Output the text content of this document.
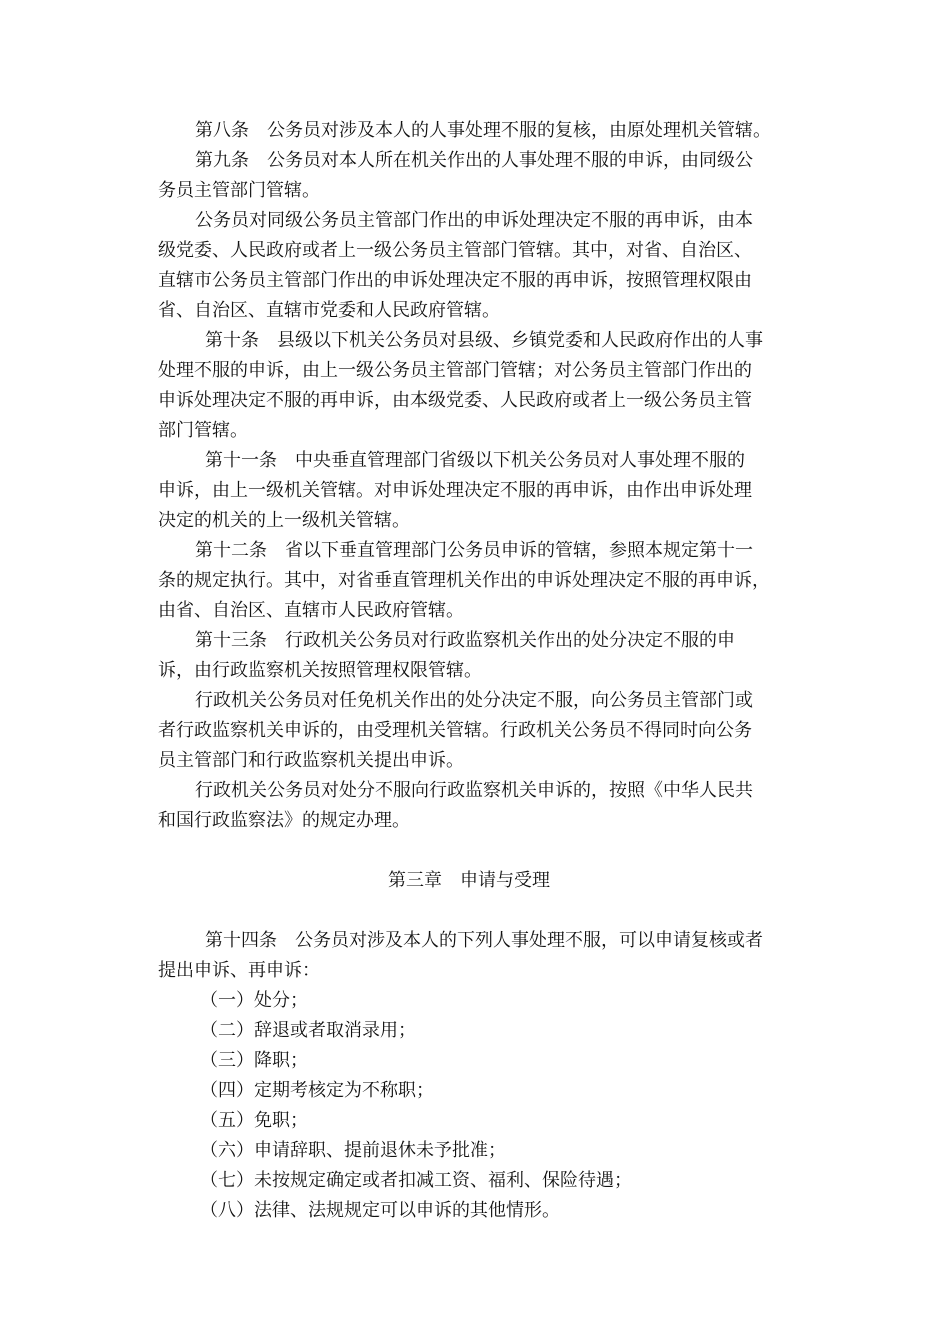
第八条　公务员对涉及本人的人事处理不服的复核，由原处理机关管辖。
第九条　公务员对本人所在机关作出的人事处理不服的申诉，由同级公
务员主管部门管辖。
公务员对同级公务员主管部门作出的申诉处理决定不服的再申诉，由本
级党委、人民政府或者上一级公务员主管部门管辖。其中，对省、自治区、
直辖市公务员主管部门作出的申诉处理决定不服的再申诉，按照管理权限由
省、自治区、直辖市党委和人民政府管辖。
第十条　县级以下机关公务员对县级、乡镇党委和人民政府作出的人事
处理不服的申诉，由上一级公务员主管部门管辖；对公务员主管部门作出的
申诉处理决定不服的再申诉，由本级党委、人民政府或者上一级公务员主管
部门管辖。
第十一条　中央垂直管理部门省级以下机关公务员对人事处理不服的
申诉，由上一级机关管辖。对申诉处理决定不服的再申诉，由作出申诉处理
决定的机关的上一级机关管辖。
第十二条　省以下垂直管理部门公务员申诉的管辖，参照本规定第十一
条的规定执行。其中，对省垂直管理机关作出的申诉处理决定不服的再申诉，
由省、自治区、直辖市人民政府管辖。
第十三条　行政机关公务员对行政监察机关作出的处分决定不服的申
诉，由行政监察机关按照管理权限管辖。
行政机关公务员对任免机关作出的处分决定不服，向公务员主管部门或
者行政监察机关申诉的，由受理机关管辖。行政机关公务员不得同时向公务
员主管部门和行政监察机关提出申诉。
行政机关公务员对处分不服向行政监察机关申诉的，按照《中华人民共
和国行政监察法》的规定办理。
第三章　申请与受理
第十四条　公务员对涉及本人的下列人事处理不服，可以申请复核或者
提出申诉、再申诉：
（一）处分；
（二）辞退或者取消录用；
（三）降职；
（四）定期考核定为不称职；
（五）免职；
（六）申请辞职、提前退休未予批准；
（七）未按规定确定或者扣减工资、福利、保险待遇；
（八）法律、法规规定可以申诉的其他情形。
